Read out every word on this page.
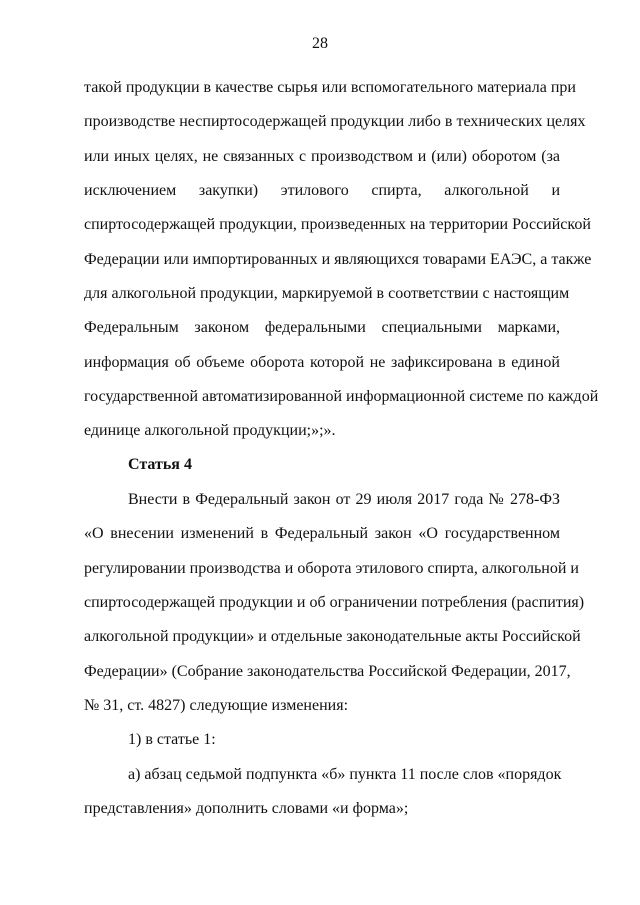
28
такой продукции в качестве сырья или вспомогательного материала при
производстве неспиртосодержащей продукции либо в технических целях
или иных целях, не связанных с производством и (или) оборотом (за
исключением закупки) этилового спирта, алкогольной и
спиртосодержащей продукции, произведенных на территории Российской
Федерации или импортированных и являющихся товарами ЕАЭС, а также
для алкогольной продукции, маркируемой в соответствии с настоящим
Федеральным законом федеральными специальными марками,
информация об объеме оборота которой не зафиксирована в единой
государственной автоматизированной информационной системе по каждой
единице алкогольной продукции;»;».
Статья 4
Внести в Федеральный закон от 29 июля 2017 года № 278-ФЗ
«О внесении изменений в Федеральный закон «О государственном
регулировании производства и оборота этилового спирта, алкогольной и
спиртосодержащей продукции и об ограничении потребления (распития)
алкогольной продукции» и отдельные законодательные акты Российской
Федерации» (Собрание законодательства Российской Федерации, 2017,
№ 31, ст. 4827) следующие изменения:
1) в статье 1:
а) абзац седьмой подпункта «б» пункта 11 после слов «порядок
представления» дополнить словами «и форма»;
